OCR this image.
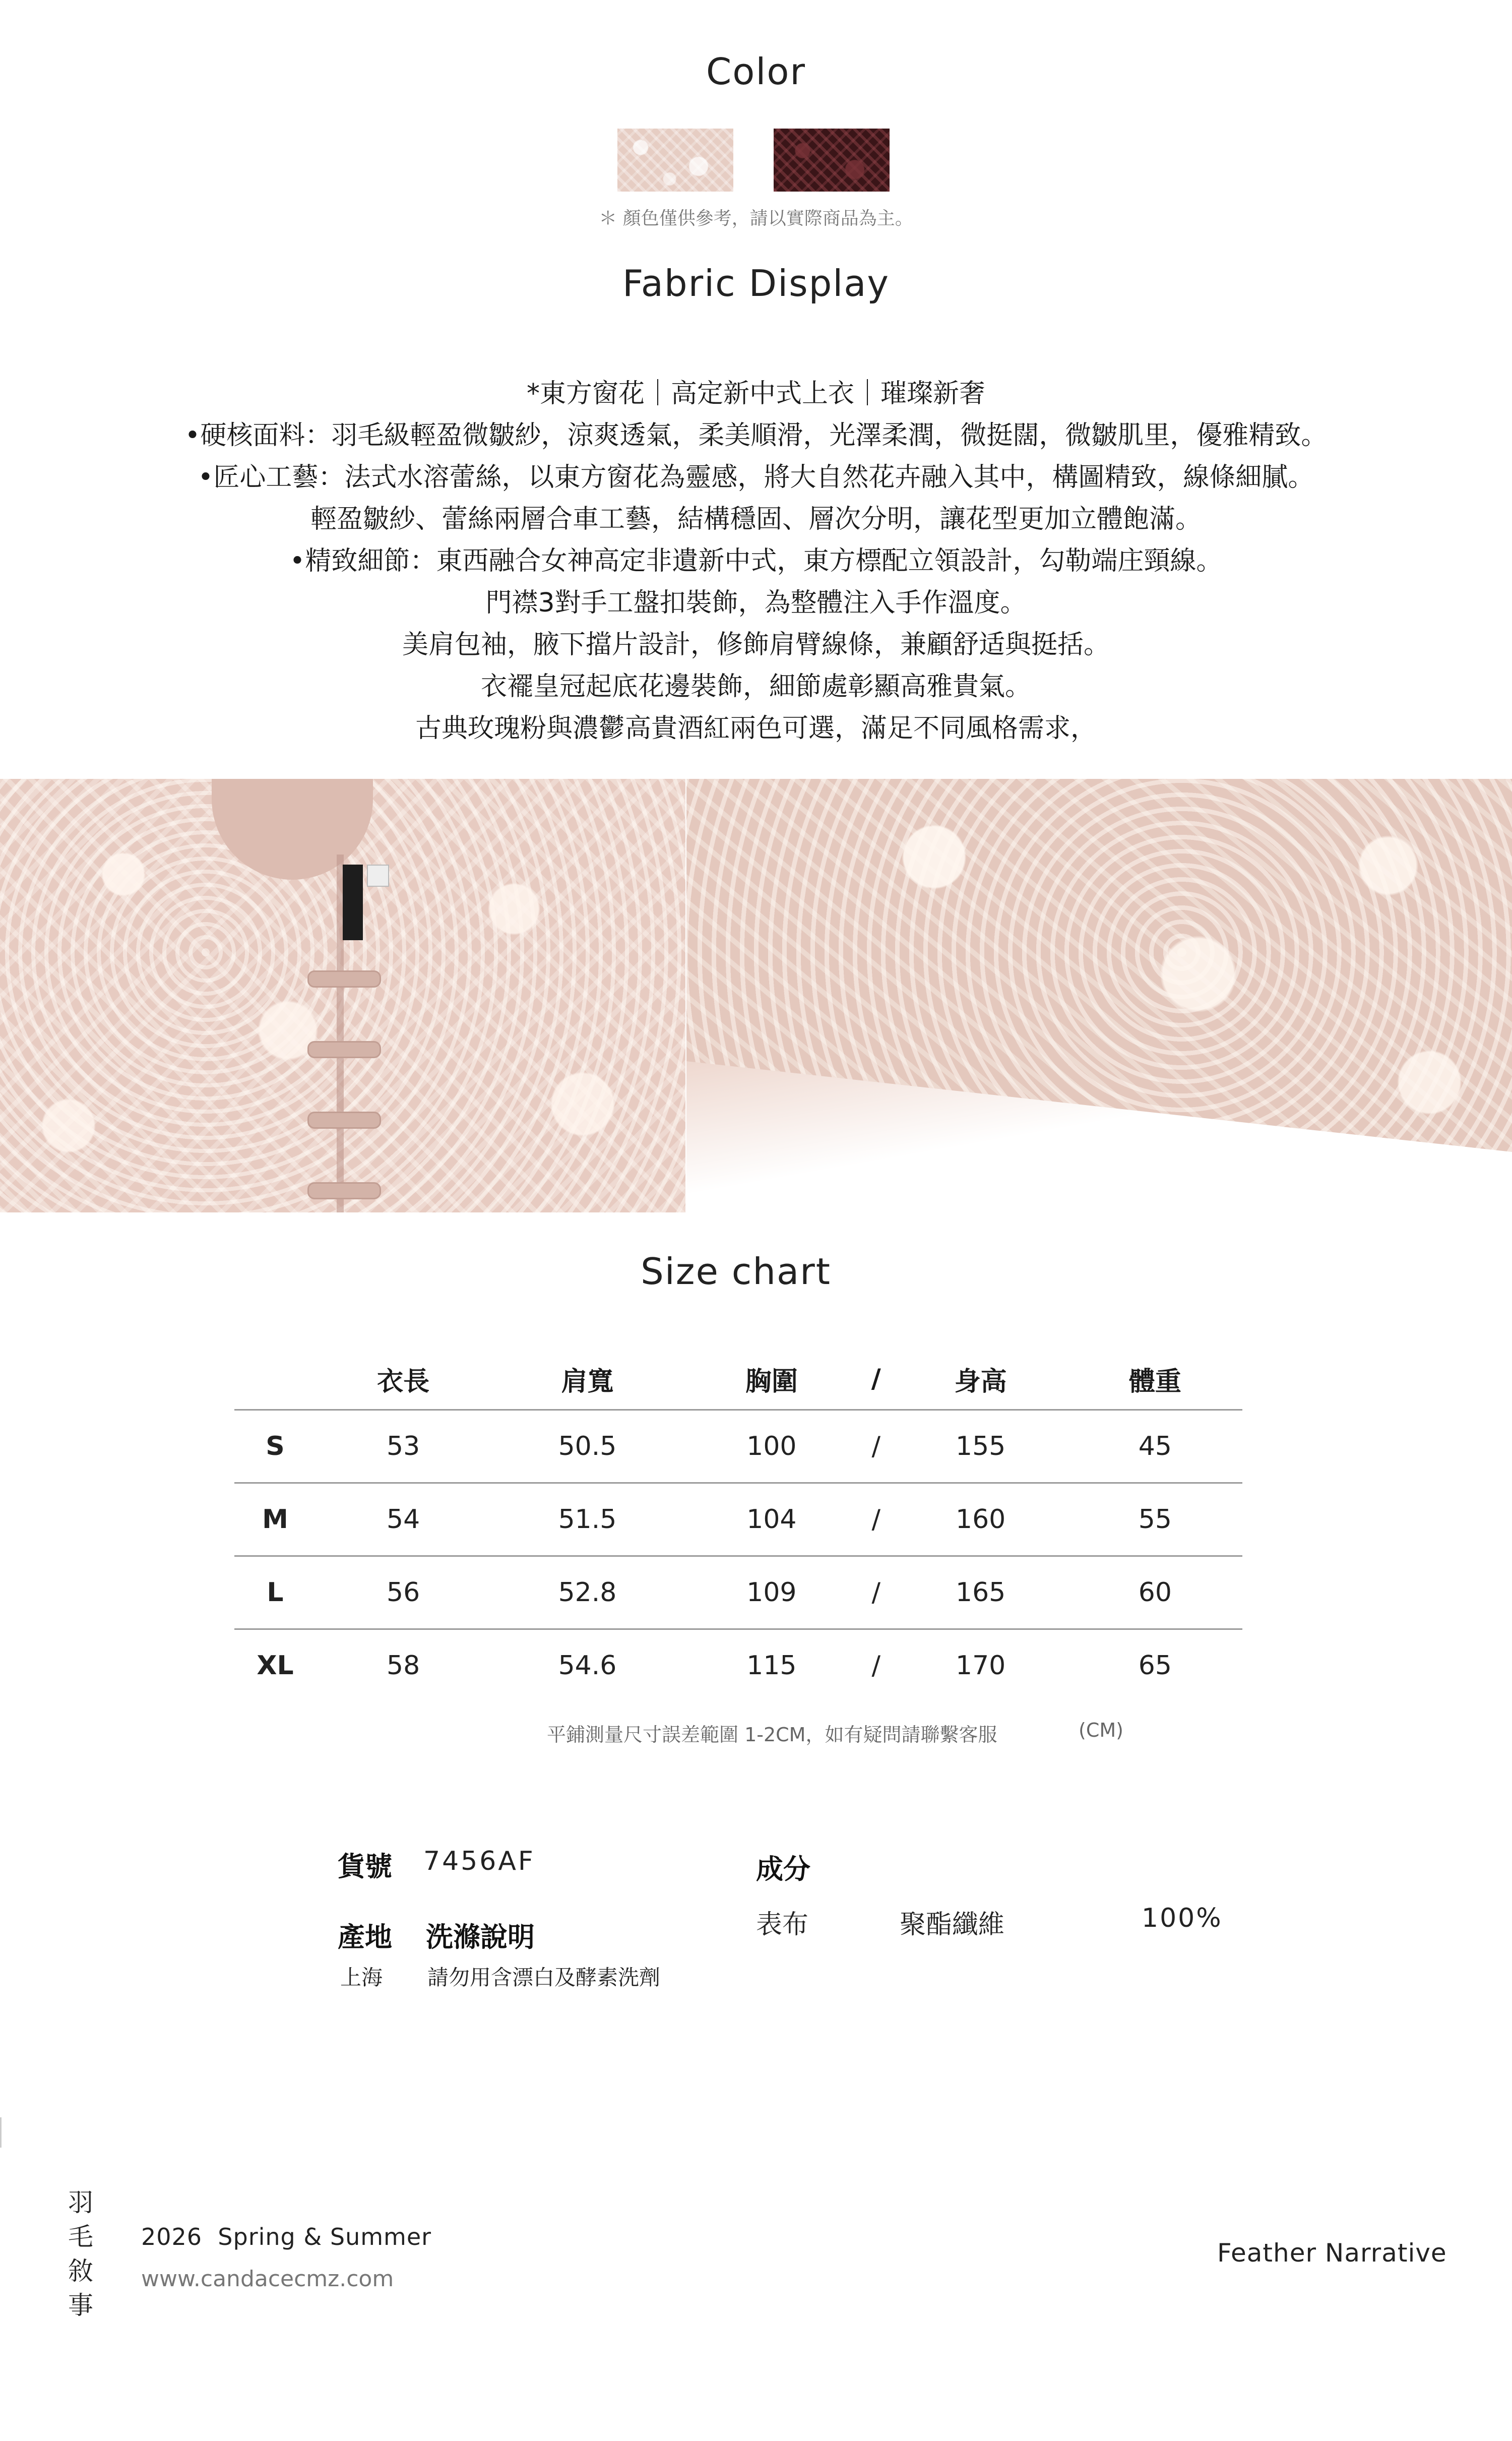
Color
＊ 顏色僅供參考，請以實際商品為主。
Fabric Display
*東方窗花｜高定新中式上衣｜璀璨新奢
•硬核面料：羽毛級輕盈微皺紗，涼爽透氣，柔美順滑，光澤柔潤，微挺闊，微皺肌里，優雅精致。
•匠心工藝：法式水溶蕾絲，以東方窗花為靈感，將大自然花卉融入其中，構圖精致，線條細膩。
輕盈皺紗、蕾絲兩層合車工藝，結構穩固、層次分明，讓花型更加立體飽滿。
•精致細節：東西融合女神高定非遺新中式，東方標配立領設計，勾勒端庄頸線。
門襟3對手工盤扣裝飾，為整體注入手作溫度。
美肩包袖，腋下擋片設計，修飾肩臂線條，兼顧舒适與挺括。
衣襬皇冠起底花邊裝飾，細節處彰顯高雅貴氣。
古典玫瑰粉與濃鬱高貴酒紅兩色可選，滿足不同風格需求，
Size chart
	衣長	肩寬	胸圍	/	身高	體重
S	53	50.5	100	/	155	45
M	54	51.5	104	/	160	55
L	56	52.8	109	/	165	60
XL	58	54.6	115	/	170	65
平鋪測量尺寸誤差範圍 1-2CM，如有疑問請聯繫客服	(CM)
貨號 7456AF
產地 洗滌說明
上海 請勿用含漂白及酵素洗劑
成分
表布	聚酯纖維	100%
羽
毛
敘
事
2026  Spring & Summer
www.candacecmz.com
Feather Narrative
